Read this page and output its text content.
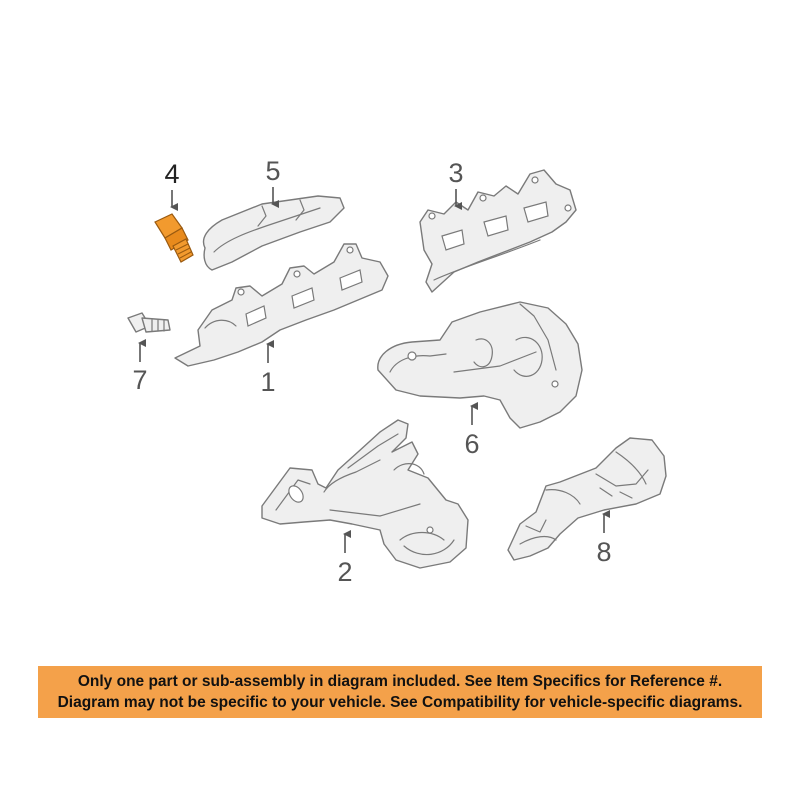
4	5	3
1
7
6
2
8
Only one part or sub-assembly in diagram included. See Item Specifics for Reference #.
Diagram may not be specific to your vehicle. See Compatibility for vehicle-specific diagrams.
